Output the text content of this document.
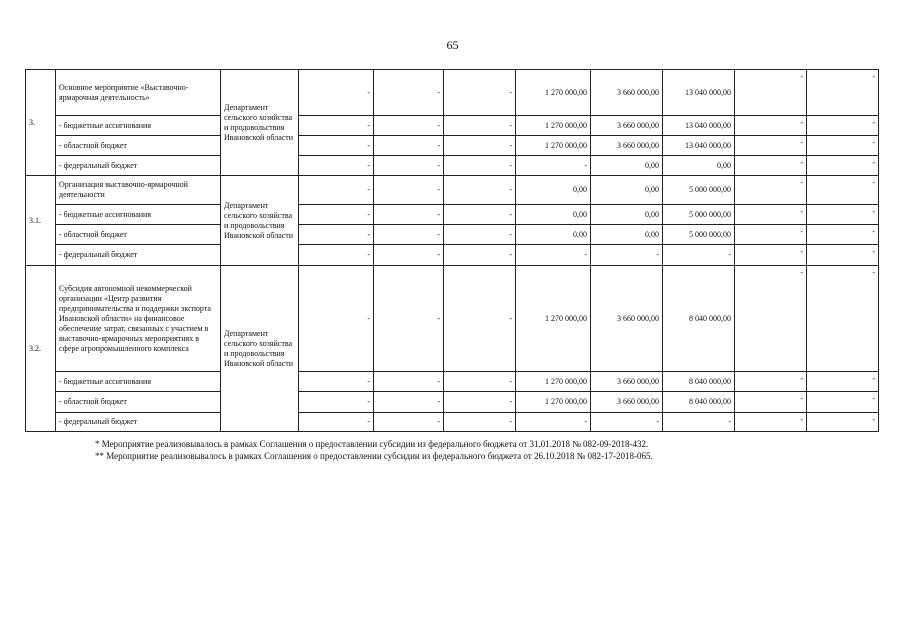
65
3.	Основное мероприятие «Выставочно-ярмарочная деятельность»	Департамент сельского хозяйства и продовольствия Ивановской области	-	-	-	1 270 000,00	3 660 000,00	13 040 000,00	-	-
	- бюджетные ассигнования		-	-	-	1 270 000,00	3 660 000,00	13 040 000,00	-	-
	- областной бюджет		-	-	-	1 270 000,00	3 660 000,00	13 040 000,00	-	-
	- федеральный бюджет		-	-	-	-	0,00	0,00	-	-
3.1.	Организация выставочно-ярмарочной деятельности	Департамент сельского хозяйства и продовольствия Ивановской области	-	-	-	0,00	0,00	5 000 000,00	-	-
	- бюджетные ассигнования		-	-	-	0,00	0,00	5 000 000,00	-	-
	- областной бюджет		-	-	-	0,00	0,00	5 000 000,00	-	-
	- федеральный бюджет		-	-	-	-	-	-	-	-
3.2.	Субсидия автономной некоммерческой организации «Центр развития предпринимательства и поддержки экспорта Ивановской области» на финансовое обеспечение затрат, связанных с участием в выставочно-ярмарочных мероприятиях в сфере агропромышленного комплекса	Департамент сельского хозяйства и продовольствия Ивановской области	-	-	-	1 270 000,00	3 660 000,00	8 040 000,00	-	-
	- бюджетные ассигнования		-	-	-	1 270 000,00	3 660 000,00	8 040 000,00	-	-
	- областной бюджет		-	-	-	1 270 000,00	3 660 000,00	8 040 000,00	-	-
	- федеральный бюджет		-	-	-	-	-	-	-	-
* Мероприятие реализовывалось в рамках Соглашения о предоставлении субсидии из федерального бюджета от 31.01.2018 № 082-09-2018-432.
** Мероприятие реализовывалось в рамках Соглашения о предоставлении субсидии из федерального бюджета от 26.10.2018 № 082-17-2018-065.
